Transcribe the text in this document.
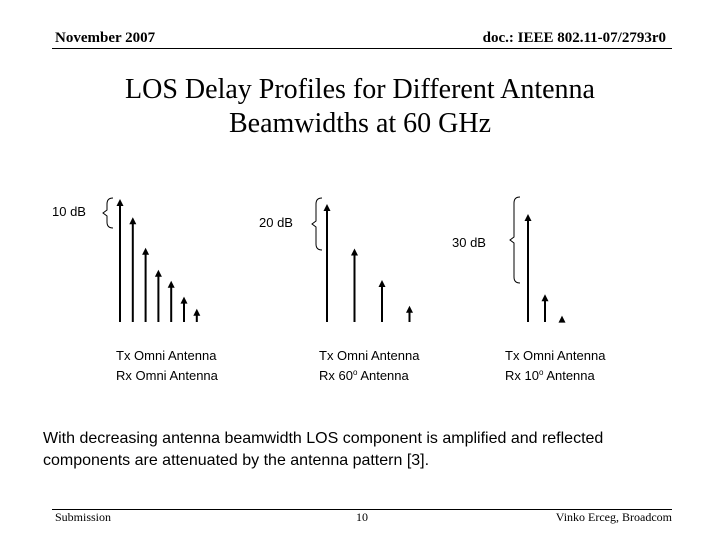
November 2007	doc.: IEEE 802.11-07/2793r0
LOS Delay Profiles for Different Antenna
Beamwidths at 60 GHz
10 dB
20 dB
30 dB
Tx Omni Antenna
Rx Omni Antenna
Tx Omni Antenna
Rx 60$^o$ Antenna
Tx Omni Antenna
Rx 10$^o$ Antenna
With decreasing antenna beamwidth LOS component is amplified and reflected components are attenuated by the antenna pattern [3].
Submission	10	Vinko Erceg, Broadcom
